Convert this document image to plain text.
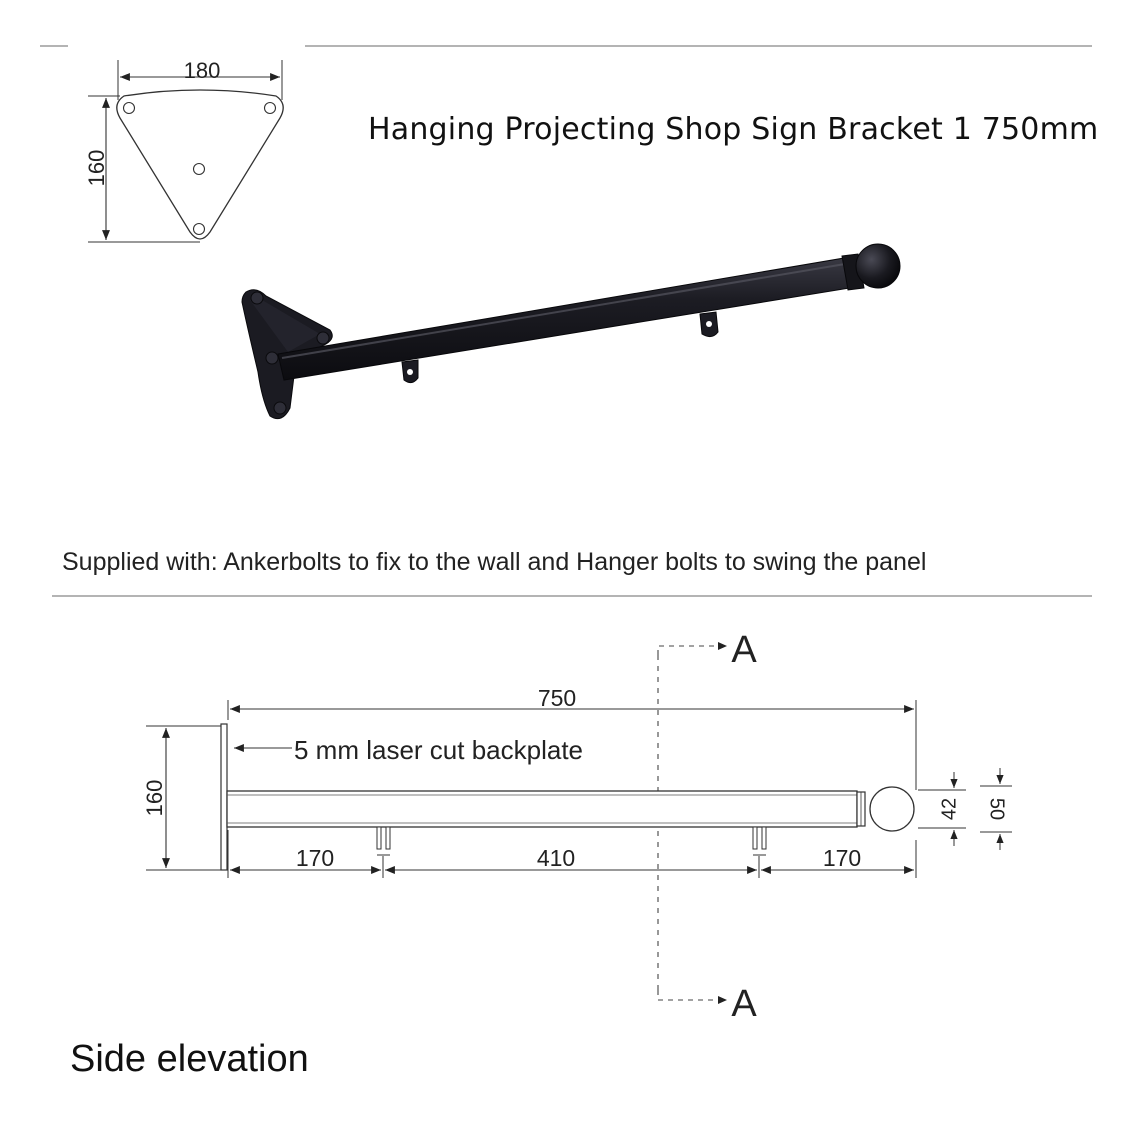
180
160
A
A
750
5 mm laser cut backplate
160
170	410	170
42 50
Hanging Projecting Shop Sign Bracket 1 750mm
Supplied with: Ankerbolts to fix to the wall and Hanger bolts to swing the panel
Side elevation
